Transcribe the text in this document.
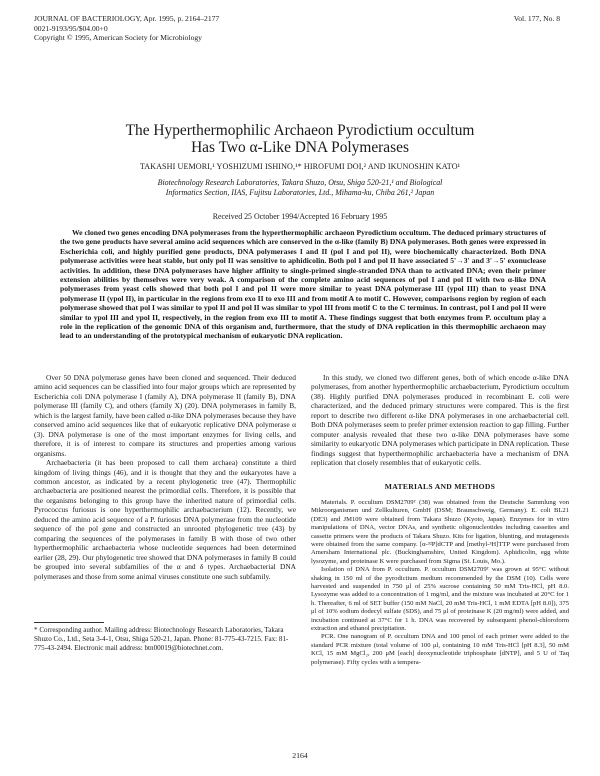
JOURNAL OF BACTERIOLOGY, Apr. 1995, p. 2164–2177
0021-9193/95/$04.00+0
Copyright © 1995, American Society for Microbiology
Vol. 177, No. 8
The Hyperthermophilic Archaeon Pyrodictium occultum
Has Two α-Like DNA Polymerases
TAKASHI UEMORI,¹ YOSHIZUMI ISHINO,¹* HIROFUMI DOI,² AND IKUNOSHIN KATO¹
Biotechnology Research Laboratories, Takara Shuzo, Otsu, Shiga 520-21,¹ and Biological
Informatics Section, IIAS, Fujitsu Laboratories, Ltd., Mihama-ku, Chiba 261,² Japan
Received 25 October 1994/Accepted 16 February 1995
We cloned two genes encoding DNA polymerases from the hyperthermophilic archaeon Pyrodictium occultum. The deduced primary structures of the two gene products have several amino acid sequences which are conserved in the α-like (family B) DNA polymerases. Both genes were expressed in Escherichia coli, and highly purified gene products, DNA polymerases I and II (pol I and pol II), were biochemically characterized. Both DNA polymerase activities were heat stable, but only pol II was sensitive to aphidicolin. Both pol I and pol II have associated 5'→3' and 3'→5' exonuclease activities. In addition, these DNA polymerases have higher affinity to single-primed single-stranded DNA than to activated DNA; even their primer extension abilities by themselves were very weak. A comparison of the complete amino acid sequences of pol I and pol II with two α-like DNA polymerases from yeast cells showed that both pol I and pol II were more similar to yeast DNA polymerase III (ypol III) than to yeast DNA polymerase II (ypol II), in particular in the regions from exo II to exo III and from motif A to motif C. However, comparisons region by region of each polymerase showed that pol I was similar to ypol II and pol II was similar to ypol III from motif C to the C terminus. In contrast, pol I and pol II were similar to ypol III and ypol II, respectively, in the region from exo III to motif A. These findings suggest that both enzymes from P. occultum play a role in the replication of the genomic DNA of this organism and, furthermore, that the study of DNA replication in this thermophilic archaeon may lead to an understanding of the prototypical mechanism of eukaryotic DNA replication.

Over 50 DNA polymerase genes have been cloned and sequenced. Their deduced amino acid sequences can be classified into four major groups which are represented by Escherichia coli DNA polymerase I (family A), DNA polymerase II (family B), DNA polymerase III (family C), and others (family X) (20). DNA polymerases in family B, which is the largest family, have been called α-like DNA polymerases because they have conserved amino acid sequences like that of eukaryotic replicative DNA polymerase α (3). DNA polymerase is one of the most important enzymes for living cells, and therefore, it is of interest to compare its structures and properties among various organisms.

Archaebacteria (it has been proposed to call them archaea) constitute a third kingdom of living things (46), and it is thought that they and the eukaryotes have a common ancestor, as indicated by a recent phylogenetic tree (47). Thermophilic archaebacteria are positioned nearest the primordial cells. Therefore, it is possible that the organisms belonging to this group have the inherited nature of primordial cells. Pyrococcus furiosus is one hyperthermophilic archaebacterium (12). Recently, we deduced the amino acid sequence of a P. furiosus DNA polymerase from the nucleotide sequence of the pol gene and constructed an unrooted phylogenetic tree (43) by comparing the sequences of the polymerases in family B with those of two other hyperthermophilic archaebacteria whose nucleotide sequences had been determined earlier (28, 29). Our phylogenetic tree showed that DNA polymerases in family B could be grouped into several subfamilies of the α and δ types. Archaebacterial DNA polymerases and those from some animal viruses constitute one such subfamily.

* Corresponding author. Mailing address: Biotechnology Research Laboratories, Takara Shuzo Co., Ltd., Seta 3-4-1, Otsu, Shiga 520-21, Japan. Phone: 81-775-43-7215. Fax: 81-775-43-2494. Electronic mail address: btn00019@biotechnet.com.

In this study, we cloned two different genes, both of which encode α-like DNA polymerases, from another hyperthermophilic archaebacterium, Pyrodictium occultum (38). Highly purified DNA polymerases produced in recombinant E. coli were characterized, and the deduced primary structures were compared. This is the first report to describe two different α-like DNA polymerases in one archaebacterial cell. Both DNA polymerases seem to prefer primer extension reaction to gap filling. Further computer analysis revealed that these two α-like DNA polymerases have some similarity to eukaryotic DNA polymerases which participate in DNA replication. These findings suggest that hyperthermophilic archaebacteria have a mechanism of DNA replication that closely resembles that of eukaryotic cells.

MATERIALS AND METHODS

Materials. P. occultum DSM2709ᵀ (38) was obtained from the Deutsche Sammlung von Mikroorganismen und Zellkulturen, GmbH (DSM; Braunschweig, Germany). E. coli BL21 (DE3) and JM109 were obtained from Takara Shuzo (Kyoto, Japan). Enzymes for in vitro manipulations of DNA, vector DNAs, and synthetic oligonucleotides including cassettes and cassette primers were the products of Takara Shuzo. Kits for ligation, blunting, and mutagenesis were obtained from the same company. [α-³²P]dCTP and [methyl-³H]TTP were purchased from Amersham International plc. (Buckinghamshire, United Kingdom). Aphidicolin, egg white lysozyme, and proteinase K were purchased from Sigma (St. Louis, Mo.).

Isolation of DNA from P. occultum. P. occultum DSM2709ᵀ was grown at 95°C without shaking in 150 ml of the pyrodictium medium recommended by the DSM (10). Cells were harvested and suspended in 750 μl of 25% sucrose containing 50 mM Tris-HCl, pH 8.0. Lysozyme was added to a concentration of 1 mg/ml, and the mixture was incubated at 20°C for 1 h. Thereafter, 6 ml of SET buffer (150 mM NaCl, 20 mM Tris-HCl, 1 mM EDTA [pH 8.0]), 375 μl of 10% sodium dodecyl sulfate (SDS), and 75 μl of proteinase K (20 mg/ml) were added, and incubation continued at 37°C for 1 h. DNA was recovered by subsequent phenol-chloroform extraction and ethanol precipitation.

PCR. One nanogram of P. occultum DNA and 100 pmol of each primer were added to the standard PCR mixture (total volume of 100 μl, containing 10 mM Tris-HCl [pH 8.3], 50 mM KCl, 15 mM MgCl₂, 200 μM [each] deoxynucleotide triphosphate [dNTP], and 5 U of Taq polymerase). Fifty cycles with a tempera-

2164
